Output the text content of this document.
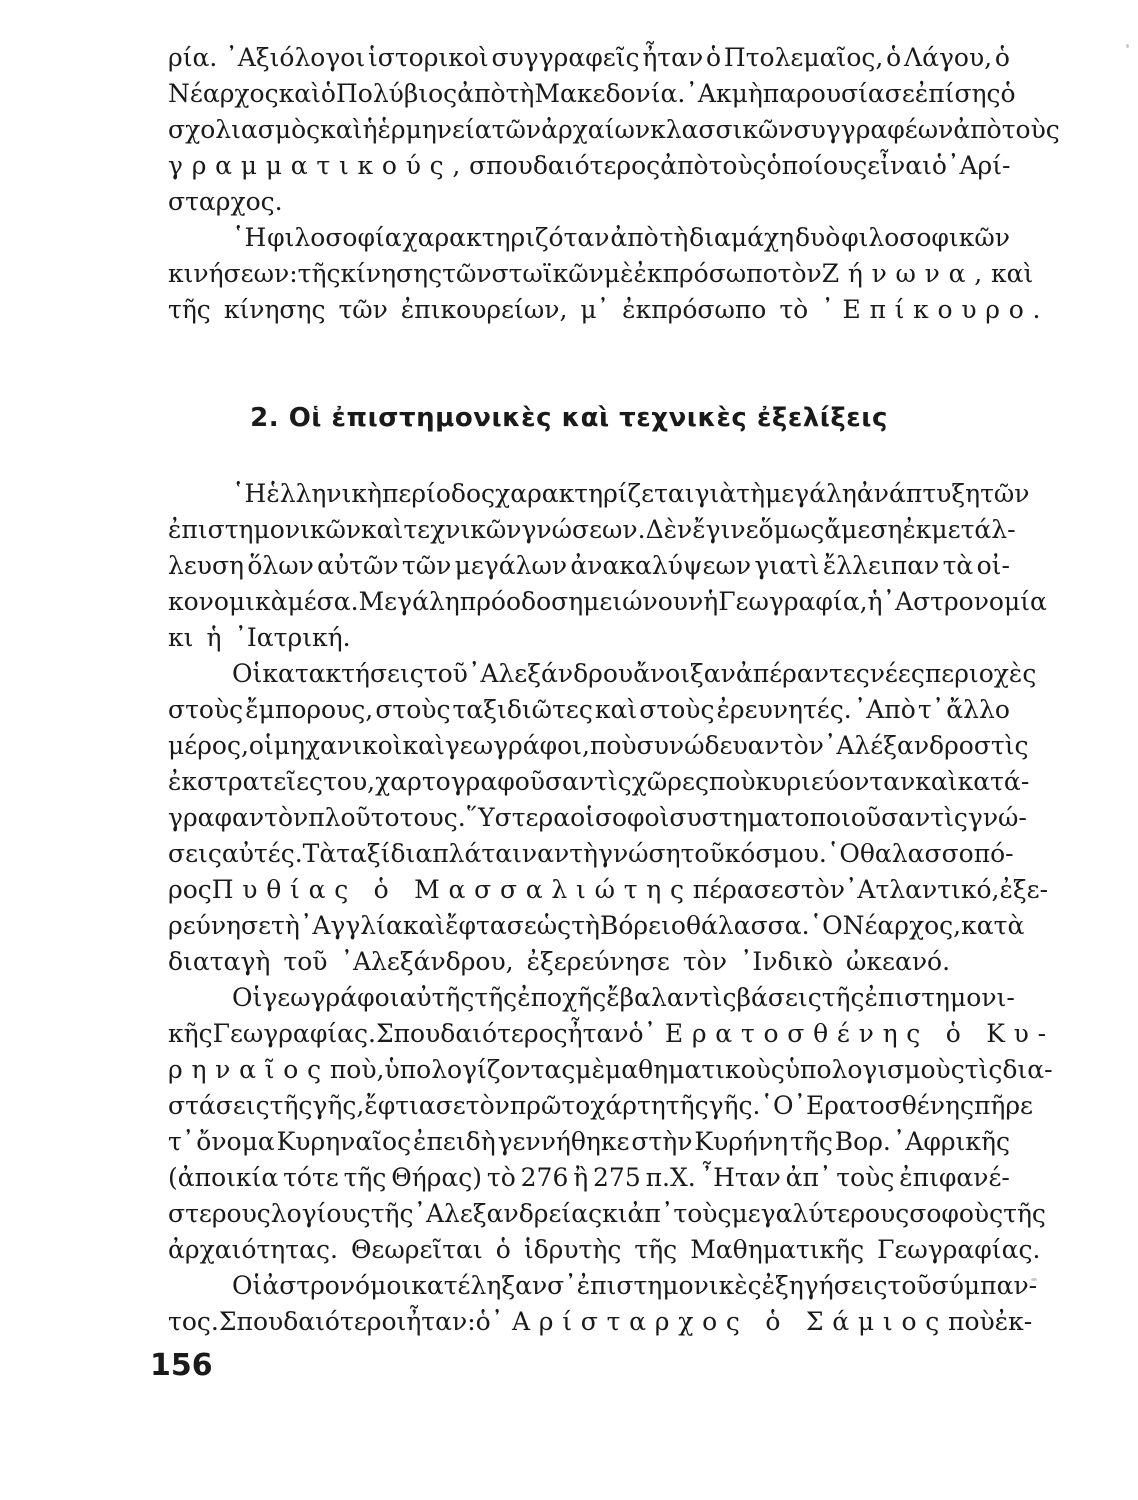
ρία. ᾿Αξιόλογοι ἱστορικοὶ συγγραφεῖς ἦταν ὁ Πτολεμαῖος, ὁ Λάγου, ὁ
Νέαρχος καὶ ὁ Πολύβιος ἀπὸ τὴ Μακεδονία. ᾿Ακμὴ παρουσίασε ἐπίσης ὁ
σχολιασμὸς καὶ ἡ ἑρμηνεία τῶν ἀρχαίων κλασσικῶν συγγραφέων ἀπὸ τοὺς
γραμματικούς, σπουδαιότερος ἀπὸ τοὺς ὁποίους εἶναι ὁ ᾿Αρί-
σταρχος.
῾Η φιλοσοφία χαρακτηριζόταν ἀπὸ τὴ διαμάχη δυὸ φιλοσοφικῶν
κινήσεων: τῆς κίνησης τῶν στωϊκῶν μὲ ἐκπρόσωπο τὸν Ζήνωνα, καὶ
τῆς κίνησης τῶν ἐπικουρείων, μ᾿ ἐκπρόσωπο τὸ ᾿Επίκουρο.
2. Οἱ ἐπιστημονικὲς καὶ τεχνικὲς ἐξελίξεις
῾Η ἑλληνικὴ περίοδος χαρακτηρίζεται γιὰ τὴ μεγάλη ἀνάπτυξη τῶν
ἐπιστημονικῶν καὶ τεχνικῶν γνώσεων. Δὲν ἔγινε ὅμως ἄμεση ἐκμετάλ-
λευση ὅλων αὐτῶν τῶν μεγάλων ἀνακαλύψεων γιατὶ ἔλλειπαν τὰ οἰ-
κονομικὰ μέσα. Μεγάλη πρόοδο σημειώνουν ἡ Γεωγραφία, ἡ ᾿Αστρονομία
κι ἡ ᾿Ιατρική.
Οἱ κατακτήσεις τοῦ ᾿Αλεξάνδρου ἄνοιξαν ἀπέραντες νέες περιοχὲς
στοὺς ἔμπορους, στοὺς ταξιδιῶτες καὶ στοὺς ἐρευνητές. ᾿Απὸ τ᾿ ἄλλο
μέρος, οἱ μηχανικοὶ καὶ γεωγράφοι, ποὺ συνώδευαν τὸν ᾿Αλέξανδρο στὶς
ἐκστρατεῖες του, χαρτογραφοῦσαν τὶς χῶρες ποὺ κυριεύονταν καὶ κατά-
γραφαν τὸν πλοῦτο τους. ῞Υστερα οἱ σοφοὶ συστηματοποιοῦσαν τὶς γνώ-
σεις αὐτές. Τὰ ταξίδια πλάταιναν τὴ γνώση τοῦ κόσμου. ῾Ο θαλασσοπό-
ρος Πυθίας ὁ Μασσαλιώτης πέρασε στὸν ᾿Ατλαντικό, ἐξε-
ρεύνησε τὴ ᾿Αγγλία καὶ ἔφτασε ὡς τὴ Βόρειο θάλασσα. ῾Ο Νέαρχος, κατὰ
διαταγὴ τοῦ ᾿Αλεξάνδρου, ἐξερεύνησε τὸν ᾿Ινδικὸ ὠκεανό.
Οἱ γεωγράφοι αὐτῆς τῆς ἐποχῆς ἔβαλαν τὶς βάσεις τῆς ἐπιστημονι-
κῆς Γεωγραφίας. Σπουδαιότερος ἦταν ὁ ᾿Ερατοσθένης ὁ Κυ-
ρηναῖος ποὺ, ὑπολογίζοντας μὲ μαθηματικοὺς ὑπολογισμοὺς τὶς δια-
στάσεις τῆς γῆς, ἔφτιασε τὸν πρῶτο χάρτη τῆς γῆς. ῾Ο ᾿Ερατοσθένης πῆρε
τ᾿ ὄνομα Κυρηναῖος ἐπειδὴ γεννήθηκε στὴν Κυρήνη τῆς Βορ. ᾿Αφρικῆς
(ἀποικία τότε τῆς Θήρας) τὸ 276 ἢ 275 π.Χ. ῏Ηταν ἀπ᾿ τοὺς ἐπιφανέ-
στερους λογίους τῆς ᾿Αλεξανδρείας κι ἀπ᾿ τοὺς μεγαλύτερους σοφοὺς τῆς
ἀρχαιότητας. Θεωρεῖται ὁ ἱδρυτὴς τῆς Μαθηματικῆς Γεωγραφίας.
Οἱ ἀστρονόμοι κατέληξαν σ᾿ ἐπιστημονικὲς ἐξηγήσεις τοῦ σύμπαν-
τος. Σπουδαιότεροι ἦταν: ὁ ᾿Αρίσταρχος ὁ Σάμιος ποὺ ἐκ-
156
